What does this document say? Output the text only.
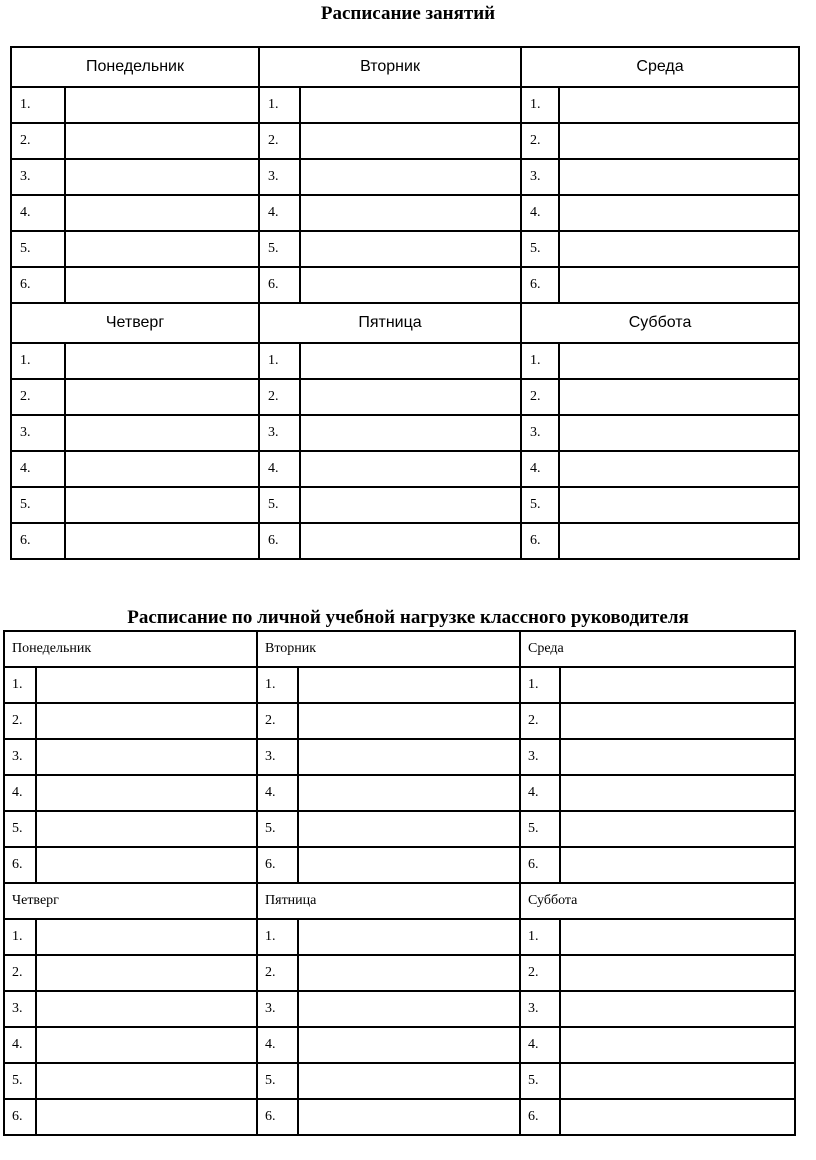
Расписание занятий
Понедельник		Вторник		Среда	
1.		1.		1.	
2.		2.		2.	
3.		3.		3.	
4.		4.		4.	
5.		5.		5.	
6.		6.		6.	
Четверг		Пятница		Суббота	
1.		1.		1.	
2.		2.		2.	
3.		3.		3.	
4.		4.		4.	
5.		5.		5.	
6.		6.		6.	
Расписание по личной учебной нагрузке классного руководителя
Понедельник		Вторник		Среда	
1.		1.		1.	
2.		2.		2.	
3.		3.		3.	
4.		4.		4.	
5.		5.		5.	
6.		6.		6.	
Четверг		Пятница		Суббота	
1.		1.		1.	
2.		2.		2.	
3.		3.		3.	
4.		4.		4.	
5.		5.		5.	
6.		6.		6.	
